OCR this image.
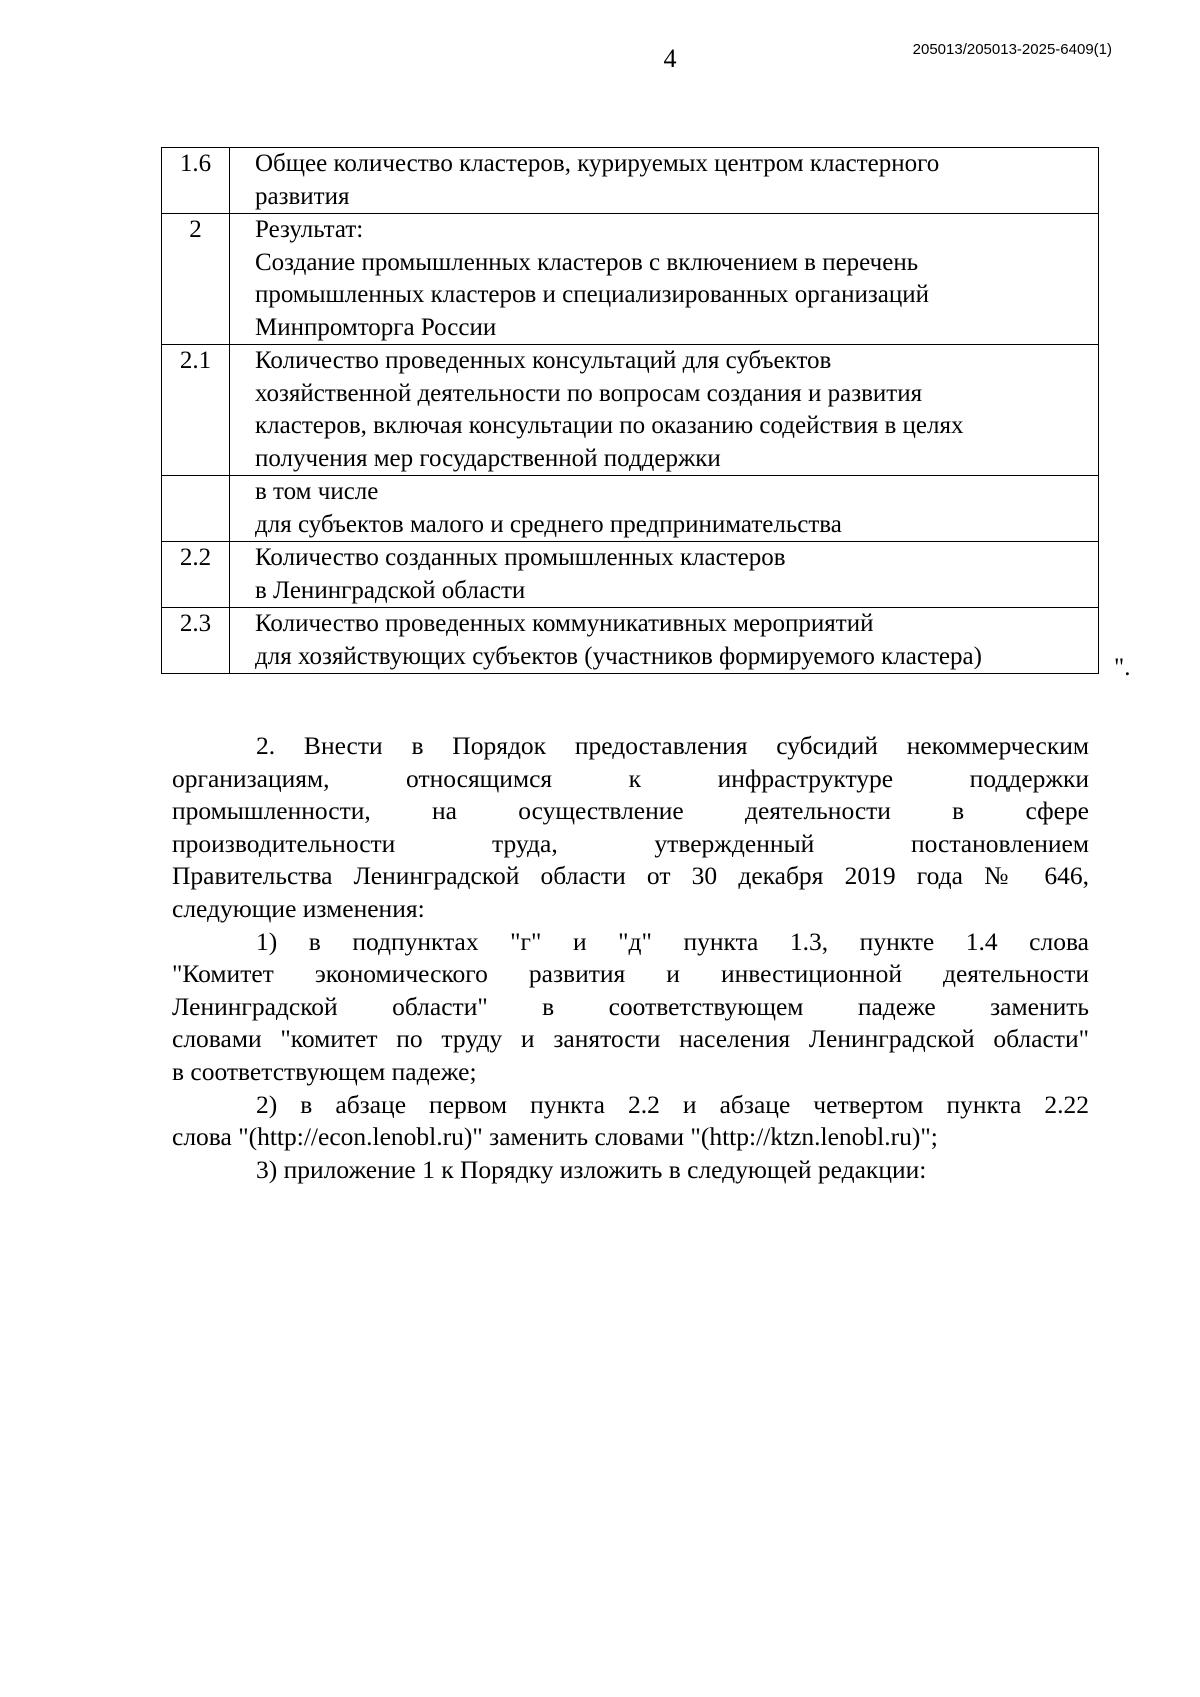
4	205013/205013-2025-6409(1)
1.6	Общее количество кластеров, курируемых центром кластерного
развития

2	Результат:
Создание промышленных кластеров с включением в перечень
промышленных кластеров и специализированных организаций
Минпромторга России

2.1	Количество проведенных консультаций для субъектов
хозяйственной деятельности по вопросам создания и развития
кластеров, включая консультации по оказанию содействия в целях
получения мер государственной поддержки

	в том числе
для субъектов малого и среднего предпринимательства

2.2	Количество созданных промышленных кластеров
в Ленинградской области

2.3	Количество проведенных коммуникативных мероприятий
для хозяйствующих субъектов (участников формируемого кластера)	".
2. Внести в Порядок предоставления субсидий некоммерческим
организациям, относящимся к инфраструктуре поддержки
промышленности, на осуществление деятельности в сфере
производительности труда, утвержденный постановлением
Правительства Ленинградской области от 30 декабря 2019 года № 646,
следующие изменения:
1) в подпунктах "г" и "д" пункта 1.3, пункте 1.4 слова
"Комитет экономического развития и инвестиционной деятельности
Ленинградской области" в соответствующем падеже заменить
словами "комитет по труду и занятости населения Ленинградской области"
в соответствующем падеже;
2) в абзаце первом пункта 2.2 и абзаце четвертом пункта 2.22
слова "(http://econ.lenobl.ru)" заменить словами "(http://ktzn.lenobl.ru)";
3) приложение 1 к Порядку изложить в следующей редакции:
